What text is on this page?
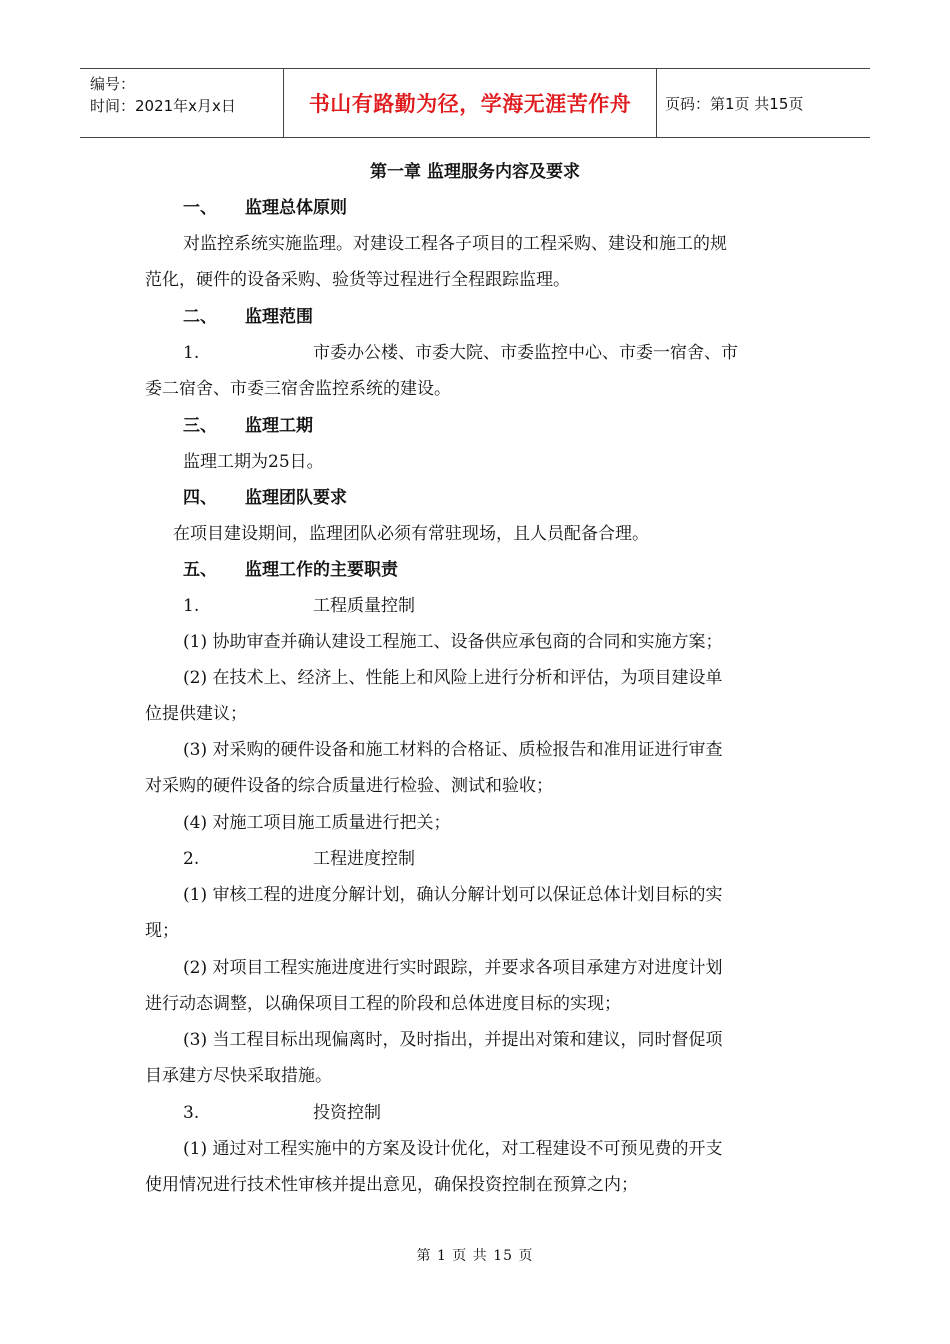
编号：
时间：2021年x月x日	书山有路勤为径，学海无涯苦作舟 页码：第1页 共15页
第一章 监理服务内容及要求
一、 监理总体原则
对监控系统实施监理。对建设工程各子项目的工程采购、建设和施工的规
范化，硬件的设备采购、验货等过程进行全程跟踪监理。
二、 监理范围
1.	市委办公楼、市委大院、市委监控中心、市委一宿舍、市
委二宿舍、市委三宿舍监控系统的建设。
三、 监理工期
监理工期为25日。
四、 监理团队要求
在项目建设期间，监理团队必须有常驻现场，且人员配备合理。
五、 监理工作的主要职责
1.	工程质量控制
(1) 协助审查并确认建设工程施工、设备供应承包商的合同和实施方案；
(2) 在技术上、经济上、性能上和风险上进行分析和评估，为项目建设单
位提供建议；
(3) 对采购的硬件设备和施工材料的合格证、质检报告和准用证进行审查
对采购的硬件设备的综合质量进行检验、测试和验收；
(4) 对施工项目施工质量进行把关；
2.	工程进度控制
(1) 审核工程的进度分解计划，确认分解计划可以保证总体计划目标的实
现；
(2) 对项目工程实施进度进行实时跟踪，并要求各项目承建方对进度计划
进行动态调整，以确保项目工程的阶段和总体进度目标的实现；
(3) 当工程目标出现偏离时，及时指出，并提出对策和建议，同时督促项
目承建方尽快采取措施。
3.	投资控制
(1) 通过对工程实施中的方案及设计优化，对工程建设不可预见费的开支
使用情况进行技术性审核并提出意见，确保投资控制在预算之内；
第 1 页 共 15 页
